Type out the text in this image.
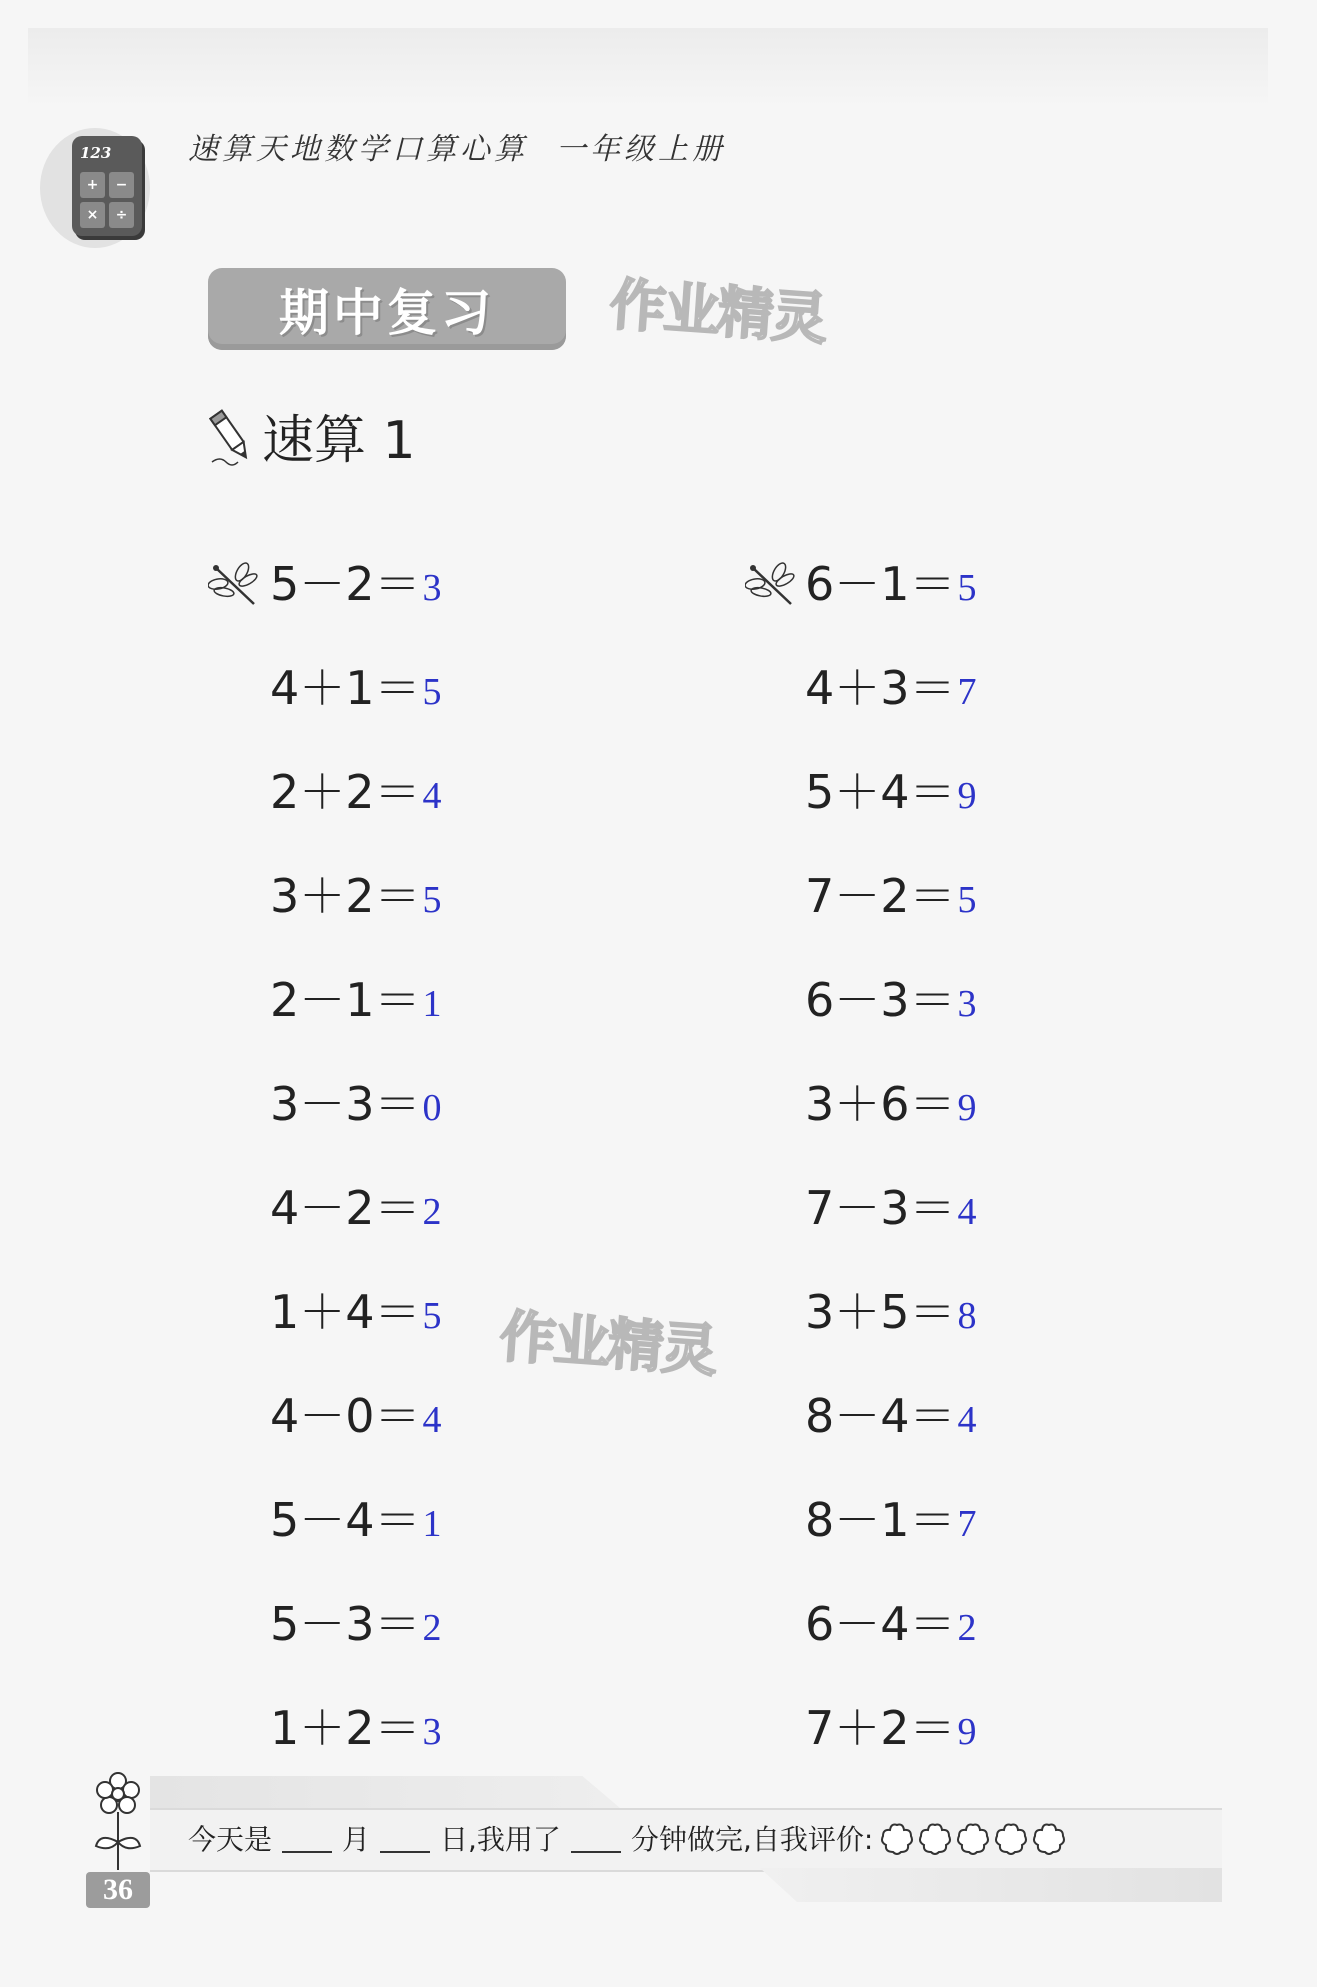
123
+	−
×	÷
速算天地数学口算心算 一年级上册
期中复习 作业精灵
作业精灵
速算 1
5－2＝ 3
4＋1＝ 5
2＋2＝ 4
3＋2＝ 5
2－1＝ 1
3－3＝ 0
4－2＝ 2
1＋4＝ 5
4－0＝ 4
5－4＝ 1
5－3＝ 2
1＋2＝ 3
6－1＝ 5
4＋3＝ 7
5＋4＝ 9
7－2＝ 5
6－3＝ 3
3＋6＝ 9
7－3＝ 4
3＋5＝ 8
8－4＝ 4
8－1＝ 7
6－4＝ 2
7＋2＝ 9
36
今天是	月	日,我用了	分钟做完,自我评价:
